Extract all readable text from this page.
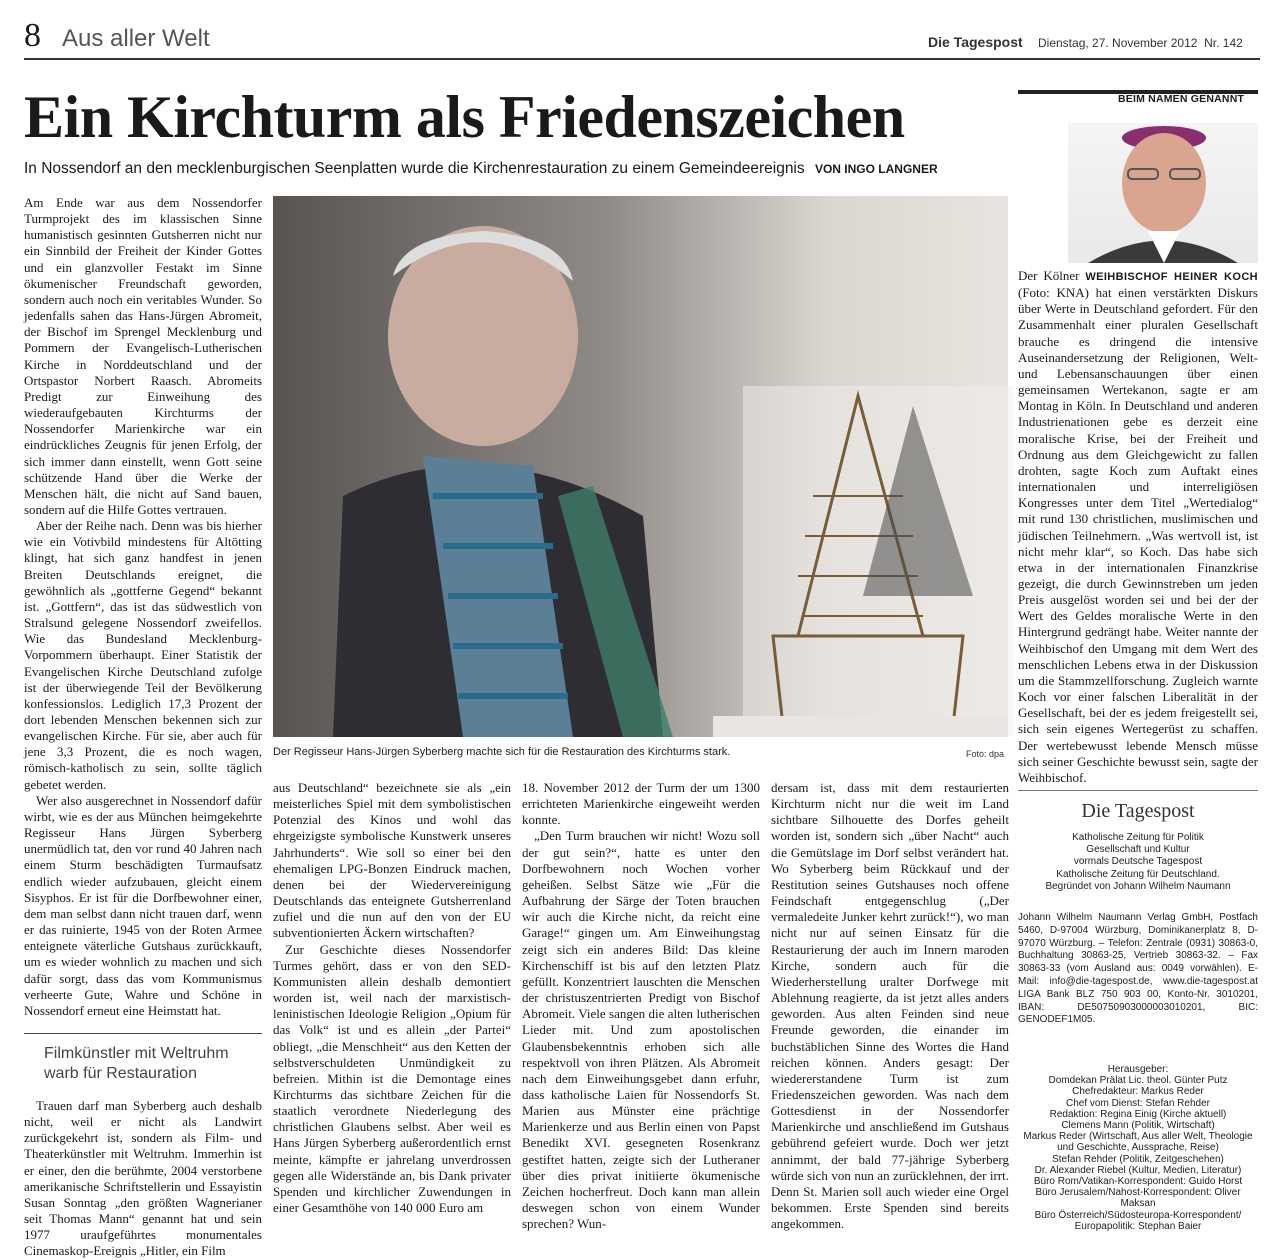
8 Aus aller Welt	Die Tagespost Dienstag, 27. November 2012  Nr. 142
Ein Kirchturm als Friedenszeichen
In Nossendorf an den mecklenburgischen Seenplatten wurde die Kirchenrestauration zu einem Gemeindeereignis VON INGO LANGNER
Der Regisseur Hans-Jürgen Syberberg machte sich für die Restauration des Kirchturms stark.	Foto: dpa

Am Ende war aus dem Nossendorfer Turmprojekt des im klassischen Sinne humanistisch gesinnten Gutsherren nicht nur ein Sinnbild der Freiheit der Kinder Gottes und ein glanzvoller Festakt im Sinne ökumenischer Freundschaft geworden, sondern auch noch ein veritables Wunder. So jedenfalls sahen das Hans-Jürgen Abromeit, der Bischof im Sprengel Mecklenburg und Pommern der Evangelisch-Lutherischen Kirche in Norddeutschland und der Ortspastor Norbert Raasch. Abromeits Predigt zur Einweihung des wiederaufgebauten Kirchturms der Nossendorfer Marienkirche war ein eindrückliches Zeugnis für jenen Erfolg, der sich immer dann einstellt, wenn Gott seine schützende Hand über die Werke der Menschen hält, die nicht auf Sand bauen, sondern auf die Hilfe Gottes vertrauen.

Aber der Reihe nach. Denn was bis hierher wie ein Votivbild mindestens für Altötting klingt, hat sich ganz handfest in jenen Breiten Deutschlands ereignet, die gewöhnlich als „gottferne Gegend“ bekannt ist. „Gottfern“, das ist das südwestlich von Stralsund gelegene Nossendorf zweifellos. Wie das Bundesland Mecklenburg-Vorpommern überhaupt. Einer Statistik der Evangelischen Kirche Deutschland zufolge ist der überwiegende Teil der Bevölkerung konfessionslos. Lediglich 17,3 Prozent der dort lebenden Menschen bekennen sich zur evangelischen Kirche. Für sie, aber auch für jene 3,3 Prozent, die es noch wagen, römisch-katholisch zu sein, sollte täglich gebetet werden.

Wer also ausgerechnet in Nossendorf dafür wirbt, wie es der aus München heimgekehrte Regisseur Hans Jürgen Syberberg unermüdlich tat, den vor rund 40 Jahren nach einem Sturm beschädigten Turmaufsatz endlich wieder aufzubauen, gleicht einem Sisyphos. Er ist für die Dorfbewohner einer, dem man selbst dann nicht trauen darf, wenn er das ruinierte, 1945 von der Roten Armee enteignete väterliche Gutshaus zurückkauft, um es wieder wohnlich zu machen und sich dafür sorgt, dass das vom Kommunismus verheerte Gute, Wahre und Schöne in Nossendorf erneut eine Heimstatt hat.

Filmkünstler mit Weltruhm warb für Restauration

Trauen darf man Syberberg auch deshalb nicht, weil er nicht als Landwirt zurückgekehrt ist, sondern als Film- und Theaterkünstler mit Weltruhm. Immerhin ist er einer, den die berühmte, 2004 verstorbene amerikanische Schriftstellerin und Essayistin Susan Sonntag „den größten Wagnerianer seit Thomas Mann“ genannt hat und sein 1977 uraufgeführtes monumentales Cinemaskop-Ereignis „Hitler, ein Film

aus Deutschland“ bezeichnete sie als „ein meisterliches Spiel mit dem symbolistischen Potenzial des Kinos und wohl das ehrgeizigste symbolische Kunstwerk unseres Jahrhunderts“. Wie soll so einer bei den ehemaligen LPG-Bonzen Eindruck machen, denen bei der Wiedervereinigung Deutschlands das enteignete Gutsherrenland zufiel und die nun auf den von der EU subventionierten Äckern wirtschaften?

Zur Geschichte dieses Nossendorfer Turmes gehört, dass er von den SED-Kommunisten allein deshalb demontiert worden ist, weil nach der marxistisch-leninistischen Ideologie Religion „Opium für das Volk“ ist und es allein „der Partei“ obliegt, „die Menschheit“ aus den Ketten der selbstverschuldeten Unmündigkeit zu befreien. Mithin ist die Demontage eines Kirchturms das sichtbare Zeichen für die staatlich verordnete Niederlegung des christlichen Glaubens selbst. Aber weil es Hans Jürgen Syberberg außerordentlich ernst meinte, kämpfte er jahrelang unverdrossen gegen alle Widerstände an, bis Dank privater Spenden und kirchlicher Zuwendungen in einer Gesamthöhe von 140 000 Euro am

18. November 2012 der Turm der um 1300 errichteten Marienkirche eingeweiht werden konnte.

„Den Turm brauchen wir nicht! Wozu soll der gut sein?“, hatte es unter den Dorfbewohnern noch Wochen vorher geheißen. Selbst Sätze wie „Für die Aufbahrung der Särge der Toten brauchen wir auch die Kirche nicht, da reicht eine Garage!“ gingen um. Am Einweihungstag zeigt sich ein anderes Bild: Das kleine Kirchenschiff ist bis auf den letzten Platz gefüllt. Konzentriert lauschten die Menschen der christuszentrierten Predigt von Bischof Abromeit. Viele sangen die alten lutherischen Lieder mit. Und zum apostolischen Glaubensbekenntnis erhoben sich alle respektvoll von ihren Plätzen. Als Abromeit nach dem Einweihungsgebet dann erfuhr, dass katholische Laien für Nossendorfs St. Marien aus Münster eine prächtige Marienkerze und aus Berlin einen von Papst Benedikt XVI. gesegneten Rosenkranz gestiftet hatten, zeigte sich der Lutheraner über dies privat initiierte ökumenische Zeichen hocherfreut. Doch kann man allein deswegen schon von einem Wunder sprechen? Wun-

dersam ist, dass mit dem restaurierten Kirchturm nicht nur die weit im Land sichtbare Silhouette des Dorfes geheilt worden ist, sondern sich „über Nacht“ auch die Gemütslage im Dorf selbst verändert hat. Wo Syberberg beim Rückkauf und der Restitution seines Gutshauses noch offene Feindschaft entgegenschlug („Der vermaledeite Junker kehrt zurück!“), wo man nicht nur auf seinen Einsatz für die Restaurierung der auch im Innern maroden Kirche, sondern auch für die Wiederherstellung uralter Dorfwege mit Ablehnung reagierte, da ist jetzt alles anders geworden. Aus alten Feinden sind neue Freunde geworden, die einander im buchstäblichen Sinne des Wortes die Hand reichen können. Anders gesagt: Der wiedererstandene Turm ist zum Friedenszeichen geworden. Was nach dem Gottesdienst in der Nossendorfer Marienkirche und anschließend im Gutshaus gebührend gefeiert wurde. Doch wer jetzt annimmt, der bald 77-jährige Syberberg würde sich von nun an zurücklehnen, der irrt. Denn St. Marien soll auch wieder eine Orgel bekommen. Erste Spenden sind bereits angekommen.

BEIM NAMEN GENANNT

Der Kölner WEIHBISCHOF HEINER KOCH (Foto: KNA) hat einen verstärkten Diskurs über Werte in Deutschland gefordert. Für den Zusammenhalt einer pluralen Gesellschaft brauche es dringend die intensive Auseinandersetzung der Religionen, Welt- und Lebensanschauungen über einen gemeinsamen Wertekanon, sagte er am Montag in Köln. In Deutschland und anderen Industrienationen gebe es derzeit eine moralische Krise, bei der Freiheit und Ordnung aus dem Gleichgewicht zu fallen drohten, sagte Koch zum Auftakt eines internationalen und interreligiösen Kongresses unter dem Titel „Wertedialog“ mit rund 130 christlichen, muslimischen und jüdischen Teilnehmern. „Was wertvoll ist, ist nicht mehr klar“, so Koch. Das habe sich etwa in der internationalen Finanzkrise gezeigt, die durch Gewinnstreben um jeden Preis ausgelöst worden sei und bei der der Wert des Geldes moralische Werte in den Hintergrund gedrängt habe. Weiter nannte der Weihbischof den Umgang mit dem Wert des menschlichen Lebens etwa in der Diskussion um die Stammzellforschung. Zugleich warnte Koch vor einer falschen Liberalität in der Gesellschaft, bei der es jedem freigestellt sei, sich sein eigenes Wertegerüst zu schaffen. Der wertebewusst lebende Mensch müsse sich seiner Geschichte bewusst sein, sagte der Weihbischof.

Die Tagespost
Katholische Zeitung für Politik
Gesellschaft und Kultur
vormals Deutsche Tagespost
Katholische Zeitung für Deutschland.
Begründet von Johann Wilhelm Naumann
Johann Wilhelm Naumann Verlag GmbH, Postfach 5460, D-97004 Würzburg, Dominikanerplatz 8, D-97070 Würzburg. – Telefon: Zentrale (0931) 30863-0, Buchhaltung 30863-25, Vertrieb 30863-32. – Fax 30863-33 (vom Ausland aus: 0049 vorwählen). E-Mail: info@die-tagespost.de, www.die-tagespost.at LIGA Bank BLZ 750 903 00, Konto-Nr. 3010201, IBAN: DE50750903000003010201, BIC: GENODEF1M05.
Herausgeber:
Domdekan Prälat Lic. theol. Günter Putz
Chefredakteur: Markus Reder
Chef vom Dienst: Stefan Rehder
Redaktion: Regina Einig (Kirche aktuell)
Clemens Mann (Politik, Wirtschaft)
Markus Reder (Wirtschaft, Aus aller Welt, Theologie
und Geschichte, Aussprache, Reise)
Stefan Rehder (Politik, Zeitgeschehen)
Dr. Alexander Riebel (Kultur, Medien, Literatur)
Büro Rom/Vatikan-Korrespondent: Guido Horst
Büro Jerusalem/Nahost-Korrespondent: Oliver Maksan
Büro Österreich/Südosteuropa-Korrespondent/
Europapolitik: Stephan Baier
